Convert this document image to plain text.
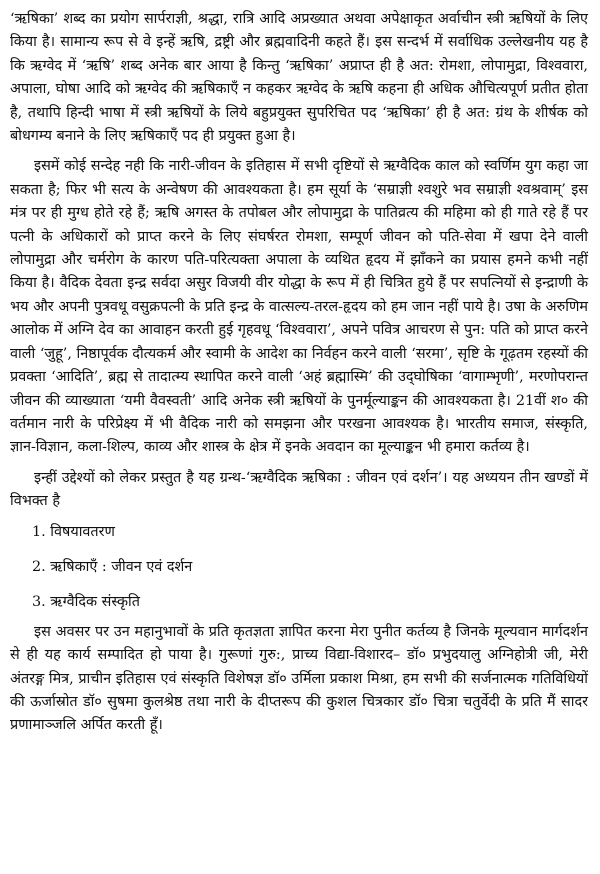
‘ऋषिका’ शब्द का प्रयोग सार्पराज्ञी, श्रद्धा, रात्रि आदि अप्रख्यात अथवा अपेक्षाकृत अर्वाचीन स्त्री ऋषियों के लिए किया है। सामान्य रूप से वे इन्हें ऋषि, द्रष्ट्री और ब्रह्मवादिनी कहते हैं। इस सन्दर्भ में सर्वाधिक उल्लेखनीय यह है कि ऋग्वेद में ‘ऋषि’ शब्द अनेक बार आया है किन्तु ‘ऋषिका’ अप्राप्त ही है अत: रोमशा, लोपामुद्रा, विश्ववारा, अपाला, घोषा आदि को ऋग्वेद की ऋषिकाएँ न कहकर ऋग्वेद के ऋषि कहना ही अधिक औचित्यपूर्ण प्रतीत होता है, तथापि हिन्दी भाषा में स्त्री ऋषियों के लिये बहुप्रयुक्त सुपरिचित पद ‘ऋषिका’ ही है अत: ग्रंथ के शीर्षक को बोधगम्य बनाने के लिए ऋषिकाएँ पद ही प्रयुक्त हुआ है।

इसमें कोई सन्देह नही कि नारी-जीवन के इतिहास में सभी दृष्टियों से ऋग्वैदिक काल को स्वर्णिम युग कहा जा सकता है; फिर भी सत्य के अन्वेषण की आवश्यकता है। हम सूर्या के ‘सम्राज्ञी श्वशुरे भव सम्राज्ञी श्वश्रवाम्’ इस मंत्र पर ही मुग्ध होते रहे हैं; ऋषि अगस्त के तपोबल और लोपामुद्रा के पातिव्रत्य की महिमा को ही गाते रहे हैं पर पत्नी के अधिकारों को प्राप्त करने के लिए संघर्षरत रोमशा, सम्पूर्ण जीवन को पति-सेवा में खपा देने वाली लोपामुद्रा और चर्मरोग के कारण पति-परित्यक्ता अपाला के व्यथित हृदय में झाँकने का प्रयास हमने कभी नहीं किया है। वैदिक देवता इन्द्र सर्वदा असुर विजयी वीर योद्धा के रूप में ही चित्रित हुये हैं पर सपत्नियों से इन्द्राणी के भय और अपनी पुत्रवधू वसुक्रपत्नी के प्रति इन्द्र के वात्सल्य-तरल-हृदय को हम जान नहीं पाये है। उषा के अरुणिम आलोक में अग्नि देव का आवाहन करती हुई गृहवधू ‘विश्ववारा’, अपने पवित्र आचरण से पुन: पति को प्राप्त करने वाली ‘जुहू’, निष्ठापूर्वक दौत्यकर्म और स्वामी के आदेश का निर्वहन करने वाली ‘सरमा’, सृष्टि के गूढ़तम रहस्यों की प्रवक्ता ‘आदिति’, ब्रह्म से तादात्म्य स्थापित करने वाली ‘अहं ब्रह्मास्मि’ की उद्‌घोषिका ‘वागाम्भृणी’, मरणोपरान्त जीवन की व्याख्याता ‘यमी वैवस्वती’ आदि अनेक स्त्री ऋषियों के पुनर्मूल्याङ्कन की आवश्यकता है। 21वीं श० की वर्तमान नारी के परिप्रेक्ष्य में भी वैदिक नारी को समझना और परखना आवश्यक है। भारतीय समाज, संस्कृति, ज्ञान-विज्ञान, कला-शिल्प, काव्य और शास्त्र के क्षेत्र में इनके अवदान का मूल्याङ्कन भी हमारा कर्तव्य है।

इन्हीं उद्देश्यों को लेकर प्रस्तुत है यह ग्रन्थ-‘ऋग्वैदिक ऋषिका : जीवन एवं दर्शन’। यह अध्ययन तीन खण्डों में विभक्त है

1. विषयावतरण
2. ऋषिकाएँ : जीवन एवं दर्शन
3. ऋग्वैदिक संस्कृति

इस अवसर पर उन महानुभावों के प्रति कृतज्ञता ज्ञापित करना मेरा पुनीत कर्तव्य है जिनके मूल्यवान मार्गदर्शन से ही यह कार्य सम्पादित हो पाया है। गुरूणां गुरु:, प्राच्य विद्या-विशारद– डॉ० प्रभुदयालु अग्निहोत्री जी, मेरी अंतरङ्ग मित्र, प्राचीन इतिहास एवं संस्कृति विशेषज्ञ डॉ० उर्मिला प्रकाश मिश्रा, हम सभी की सर्जनात्मक गतिविधियों की ऊर्जास्रोत डॉ० सुषमा कुलश्रेष्ठ तथा नारी के दीप्तरूप की कुशल चित्रकार डॉ० चित्रा चतुर्वेदी के प्रति मैं सादर प्रणामाञ्जलि अर्पित करती हूँ।
